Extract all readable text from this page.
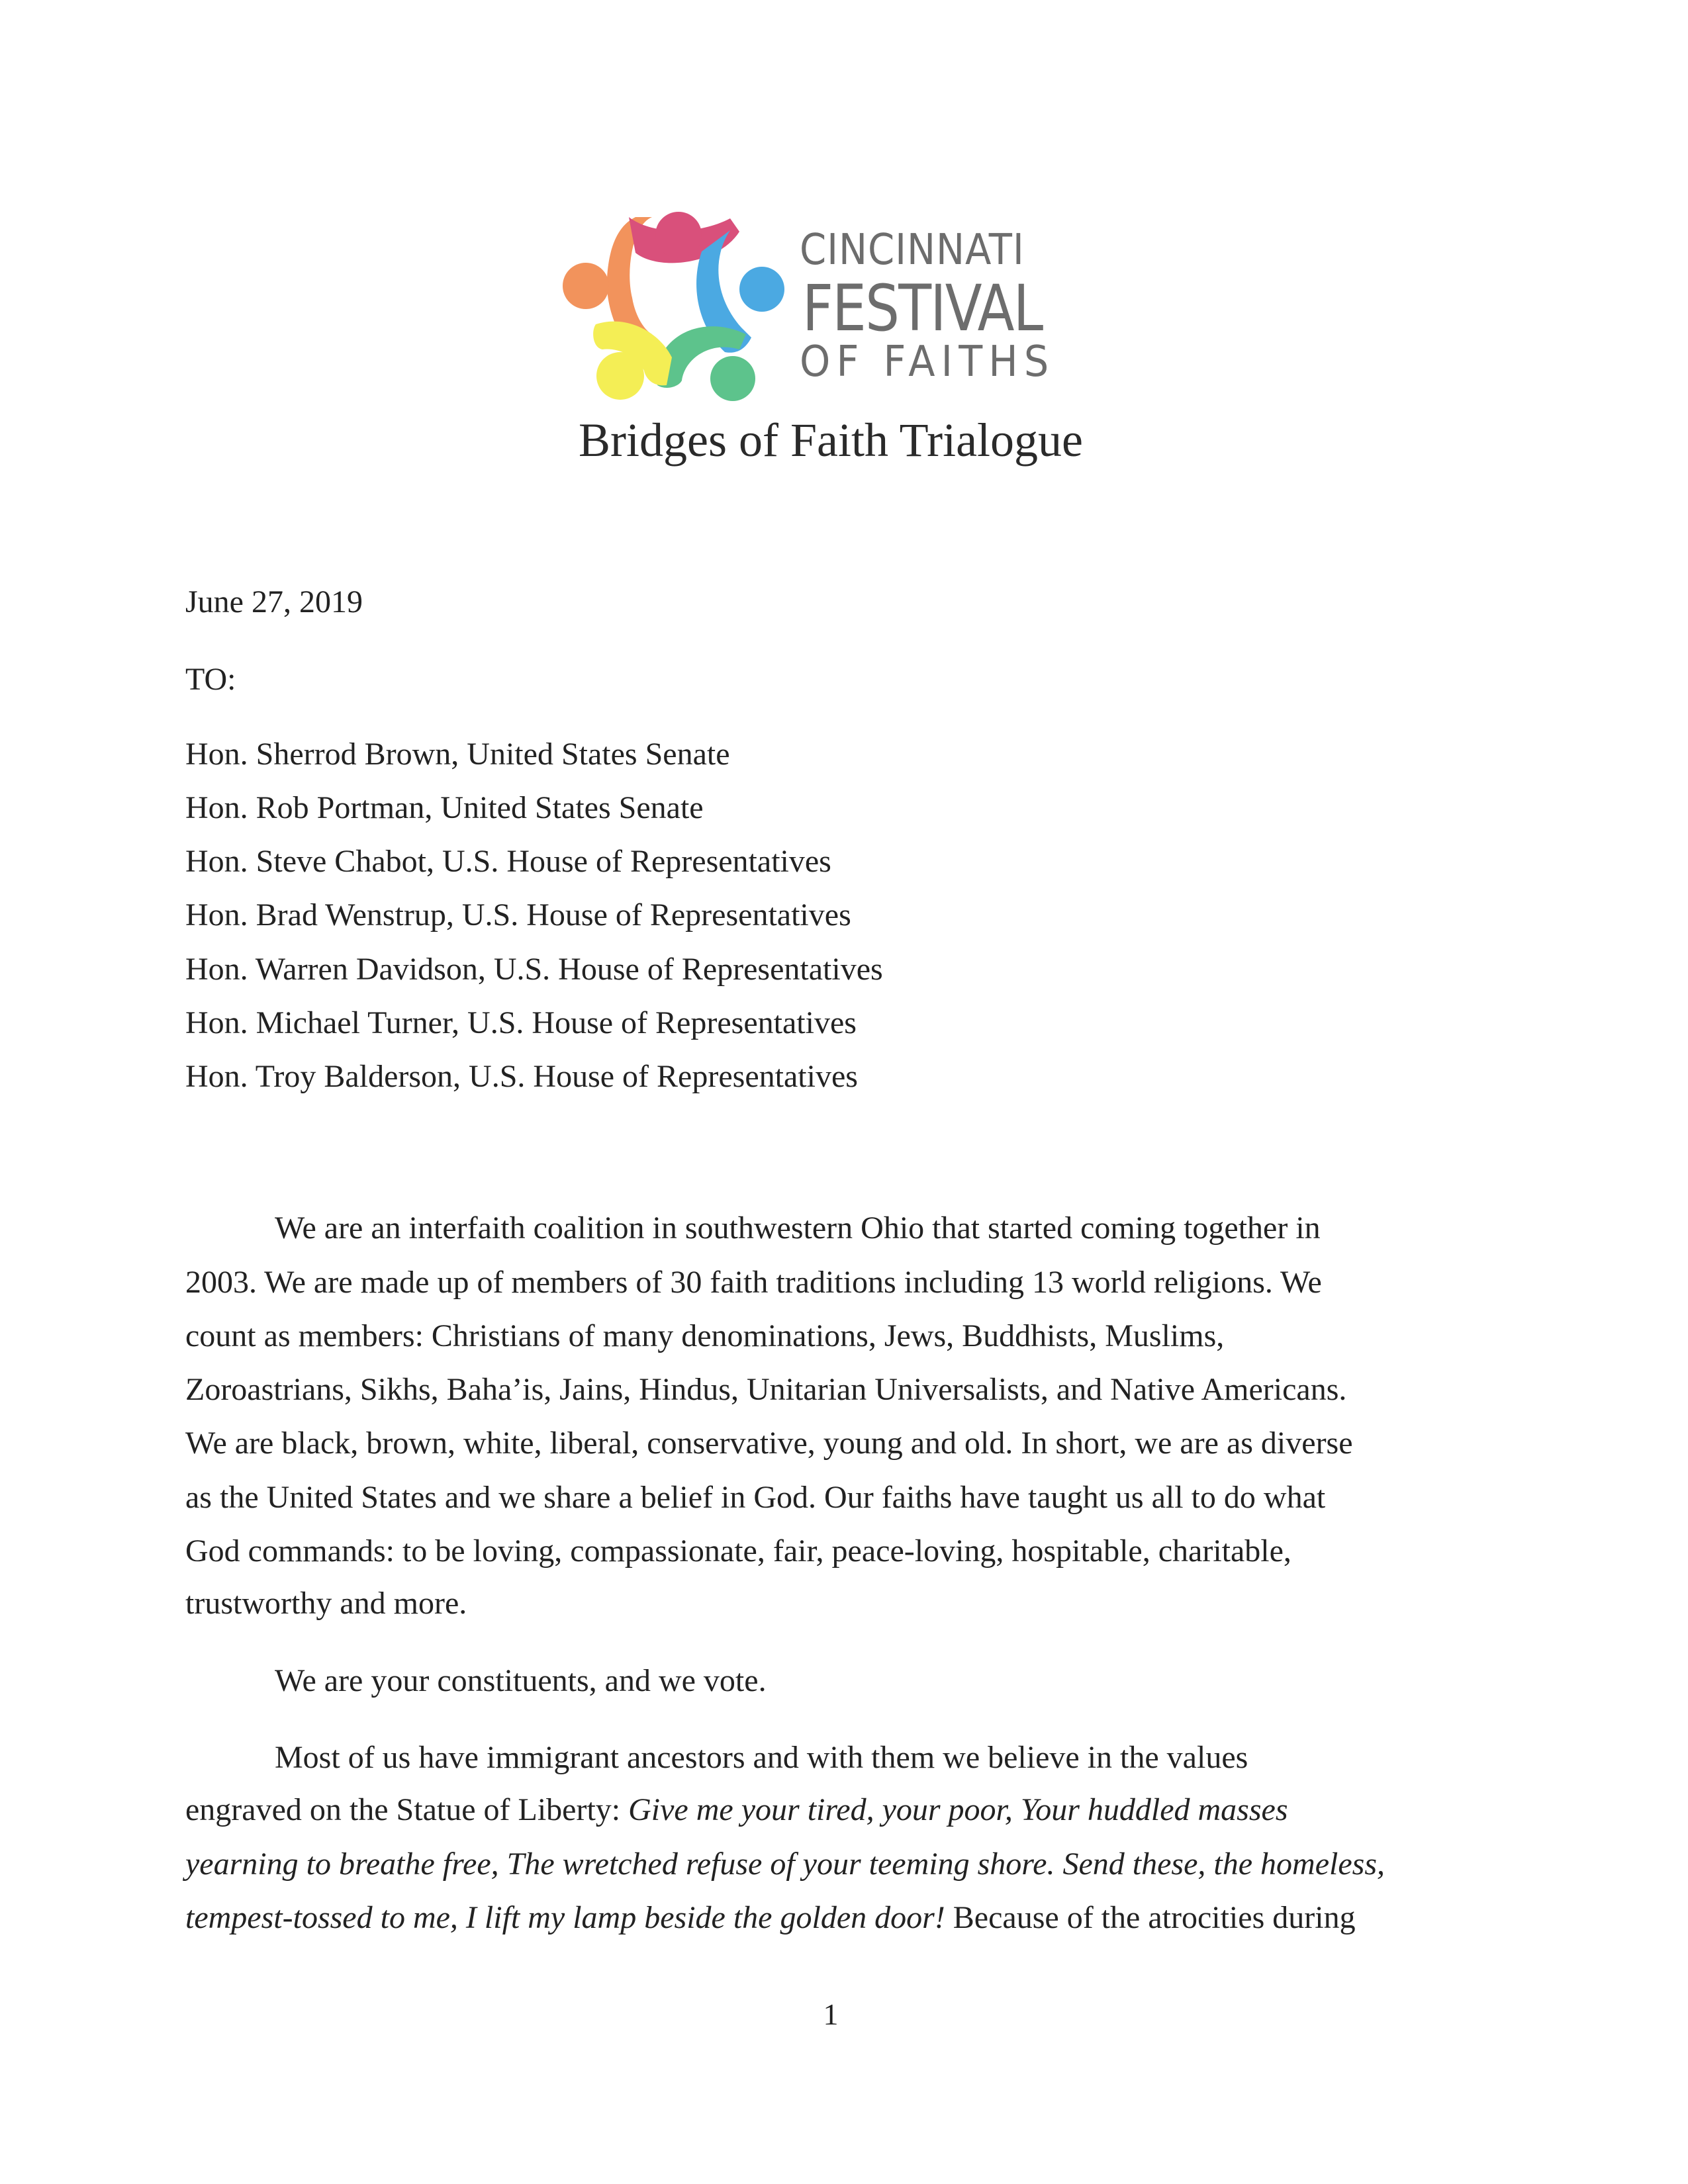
CINCINNATI
FESTIVAL
OF FAITHS
Bridges of Faith Trialogue
June 27, 2019
TO:
Hon. Sherrod Brown, United States Senate
Hon. Rob Portman, United States Senate
Hon. Steve Chabot, U.S. House of Representatives
Hon. Brad Wenstrup, U.S. House of Representatives
Hon. Warren Davidson, U.S. House of Representatives
Hon. Michael Turner, U.S. House of Representatives
Hon. Troy Balderson, U.S. House of Representatives
We are an interfaith coalition in southwestern Ohio that started coming together in
2003. We are made up of members of 30 faith traditions including 13 world religions. We
count as members: Christians of many denominations, Jews, Buddhists, Muslims,
Zoroastrians, Sikhs, Baha’is, Jains, Hindus, Unitarian Universalists, and Native Americans.
We are black, brown, white, liberal, conservative, young and old. In short, we are as diverse
as the United States and we share a belief in God. Our faiths have taught us all to do what
God commands: to be loving, compassionate, fair, peace-loving, hospitable, charitable,
trustworthy and more.
We are your constituents, and we vote.
Most of us have immigrant ancestors and with them we believe in the values
engraved on the Statue of Liberty: Give me your tired, your poor, Your huddled masses
yearning to breathe free, The wretched refuse of your teeming shore. Send these, the homeless,
tempest-tossed to me, I lift my lamp beside the golden door! Because of the atrocities during
1
